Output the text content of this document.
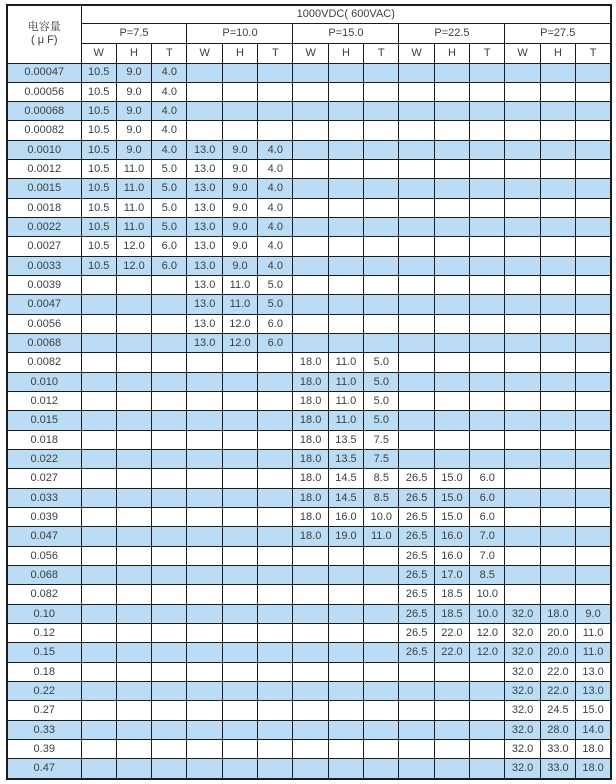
电容量
( μ F)	1000VDC( 600VAC)														
	P=7.5			P=10.0			P=15.0			P=22.5			P=27.5		
	W	H	T	W	H	T	W	H	T	W	H	T	W	H	T
0.00047	10.5	9.0	4.0												
0.00056	10.5	9.0	4.0												
0.00068	10.5	9.0	4.0												
0.00082	10.5	9.0	4.0												
0.0010	10.5	9.0	4.0	13.0	9.0	4.0									
0.0012	10.5	11.0	5.0	13.0	9.0	4.0									
0.0015	10.5	11.0	5.0	13.0	9.0	4.0									
0.0018	10.5	11.0	5.0	13.0	9.0	4.0									
0.0022	10.5	11.0	5.0	13.0	9.0	4.0									
0.0027	10.5	12.0	6.0	13.0	9.0	4.0									
0.0033	10.5	12.0	6.0	13.0	9.0	4.0									
0.0039				13.0	11.0	5.0									
0.0047				13.0	11.0	5.0									
0.0056				13.0	12.0	6.0									
0.0068				13.0	12.0	6.0									
0.0082							18.0	11.0	5.0						
0.010							18.0	11.0	5.0						
0.012							18.0	11.0	5.0						
0.015							18.0	11.0	5.0						
0.018							18.0	13.5	7.5						
0.022							18.0	13.5	7.5						
0.027							18.0	14.5	8.5	26.5	15.0	6.0			
0.033							18.0	14.5	8.5	26.5	15.0	6.0			
0.039							18.0	16.0	10.0	26.5	15.0	6.0			
0.047							18.0	19.0	11.0	26.5	16.0	7.0			
0.056										26.5	16.0	7.0			
0.068										26.5	17.0	8.5			
0.082										26.5	18.5	10.0			
0.10										26.5	18.5	10.0	32.0	18.0	9.0
0.12										26.5	22.0	12.0	32.0	20.0	11.0
0.15										26.5	22.0	12.0	32.0	20.0	11.0
0.18													32.0	22.0	13.0
0.22													32.0	22.0	13.0
0.27													32.0	24.5	15.0
0.33													32.0	28.0	14.0
0.39													32.0	33.0	18.0
0.47													32.0	33.0	18.0
